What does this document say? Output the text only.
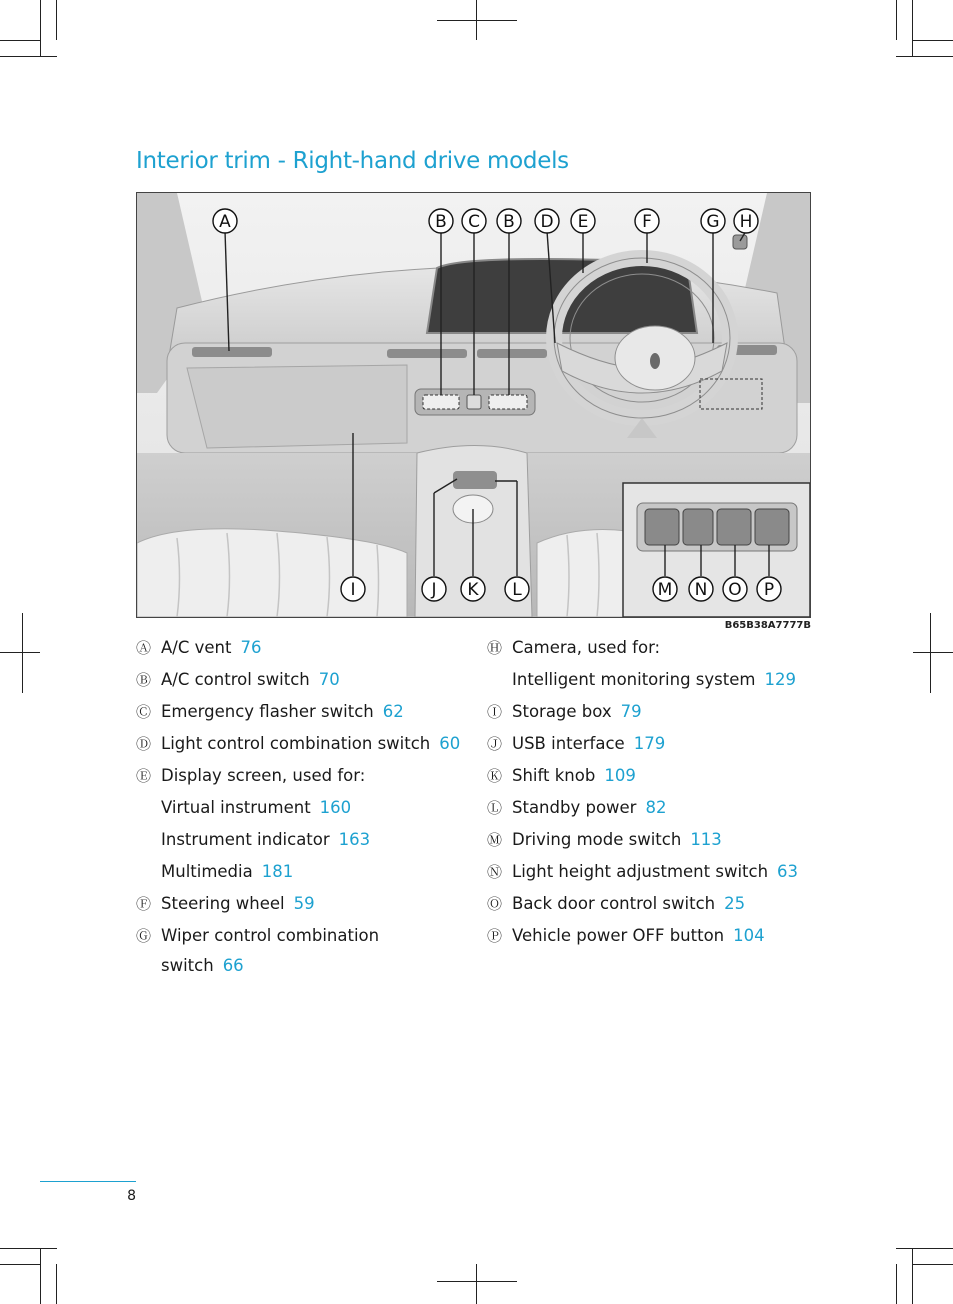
Interior trim - Right-hand drive models
A	B C B D E	F	G H
I	J K L	M N O P
B65B38A7777B
Ⓐ A/C vent 76
Ⓑ A/C control switch 70
Ⓒ Emergency flasher switch 62
Ⓓ Light control combination switch 60
Ⓔ Display screen, used for:
Virtual instrument 160
Instrument indicator 163
Multimedia 181
Ⓕ Steering wheel 59
Ⓖ Wiper control combination
switch 66
Ⓗ Camera, used for:
Intelligent monitoring system 129
Ⓘ Storage box 79
Ⓙ USB interface 179
Ⓚ Shift knob 109
Ⓛ Standby power 82
Ⓜ Driving mode switch 113
Ⓝ Light height adjustment switch 63
Ⓞ Back door control switch 25
Ⓟ Vehicle power OFF button 104
8
